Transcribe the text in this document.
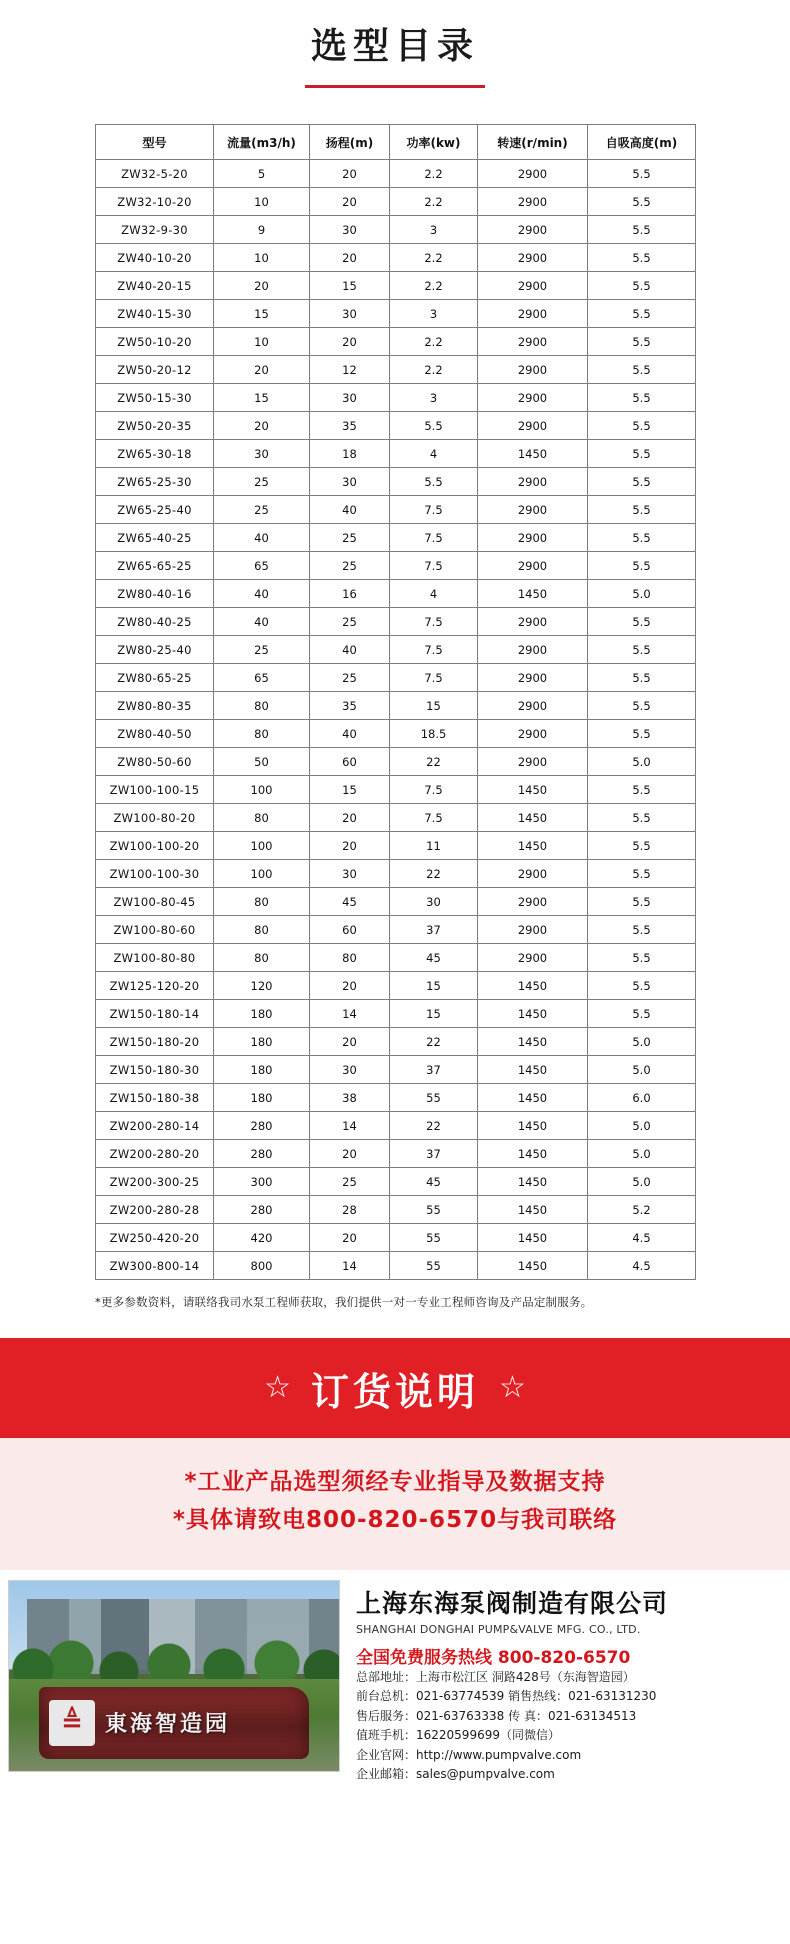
选型目录
型号	流量(m3/h)	扬程(m)	功率(kw)	转速(r/min)	自吸高度(m)
ZW32-5-20	5	20	2.2	2900	5.5
ZW32-10-20	10	20	2.2	2900	5.5
ZW32-9-30	9	30	3	2900	5.5
ZW40-10-20	10	20	2.2	2900	5.5
ZW40-20-15	20	15	2.2	2900	5.5
ZW40-15-30	15	30	3	2900	5.5
ZW50-10-20	10	20	2.2	2900	5.5
ZW50-20-12	20	12	2.2	2900	5.5
ZW50-15-30	15	30	3	2900	5.5
ZW50-20-35	20	35	5.5	2900	5.5
ZW65-30-18	30	18	4	1450	5.5
ZW65-25-30	25	30	5.5	2900	5.5
ZW65-25-40	25	40	7.5	2900	5.5
ZW65-40-25	40	25	7.5	2900	5.5
ZW65-65-25	65	25	7.5	2900	5.5
ZW80-40-16	40	16	4	1450	5.0
ZW80-40-25	40	25	7.5	2900	5.5
ZW80-25-40	25	40	7.5	2900	5.5
ZW80-65-25	65	25	7.5	2900	5.5
ZW80-80-35	80	35	15	2900	5.5
ZW80-40-50	80	40	18.5	2900	5.5
ZW80-50-60	50	60	22	2900	5.0
ZW100-100-15	100	15	7.5	1450	5.5
ZW100-80-20	80	20	7.5	1450	5.5
ZW100-100-20	100	20	11	1450	5.5
ZW100-100-30	100	30	22	2900	5.5
ZW100-80-45	80	45	30	2900	5.5
ZW100-80-60	80	60	37	2900	5.5
ZW100-80-80	80	80	45	2900	5.5
ZW125-120-20	120	20	15	1450	5.5
ZW150-180-14	180	14	15	1450	5.5
ZW150-180-20	180	20	22	1450	5.0
ZW150-180-30	180	30	37	1450	5.0
ZW150-180-38	180	38	55	1450	6.0
ZW200-280-14	280	14	22	1450	5.0
ZW200-280-20	280	20	37	1450	5.0
ZW200-300-25	300	25	45	1450	5.0
ZW200-280-28	280	28	55	1450	5.2
ZW250-420-20	420	20	55	1450	4.5
ZW300-800-14	800	14	55	1450	4.5
*更多参数资料，请联络我司水泵工程师获取，我们提供一对一专业工程师咨询及产品定制服务。
☆ 订货说明 ☆
*工业产品选型须经专业指导及数据支持
*具体请致电800-820-6570与我司联络
≜	東海智造园
上海东海泵阀制造有限公司
SHANGHAI DONGHAI PUMP&VALVE MFG. CO., LTD.
全国免费服务热线 800-820-6570
总部地址：上海市松江区 洞路428号（东海智造园）
前台总机：021-63774539 销售热线：021-63131230
售后服务：021-63763338 传 真：021-63134513
值班手机：16220599699（同微信）
企业官网：http://www.pumpvalve.com
企业邮箱：sales@pumpvalve.com
